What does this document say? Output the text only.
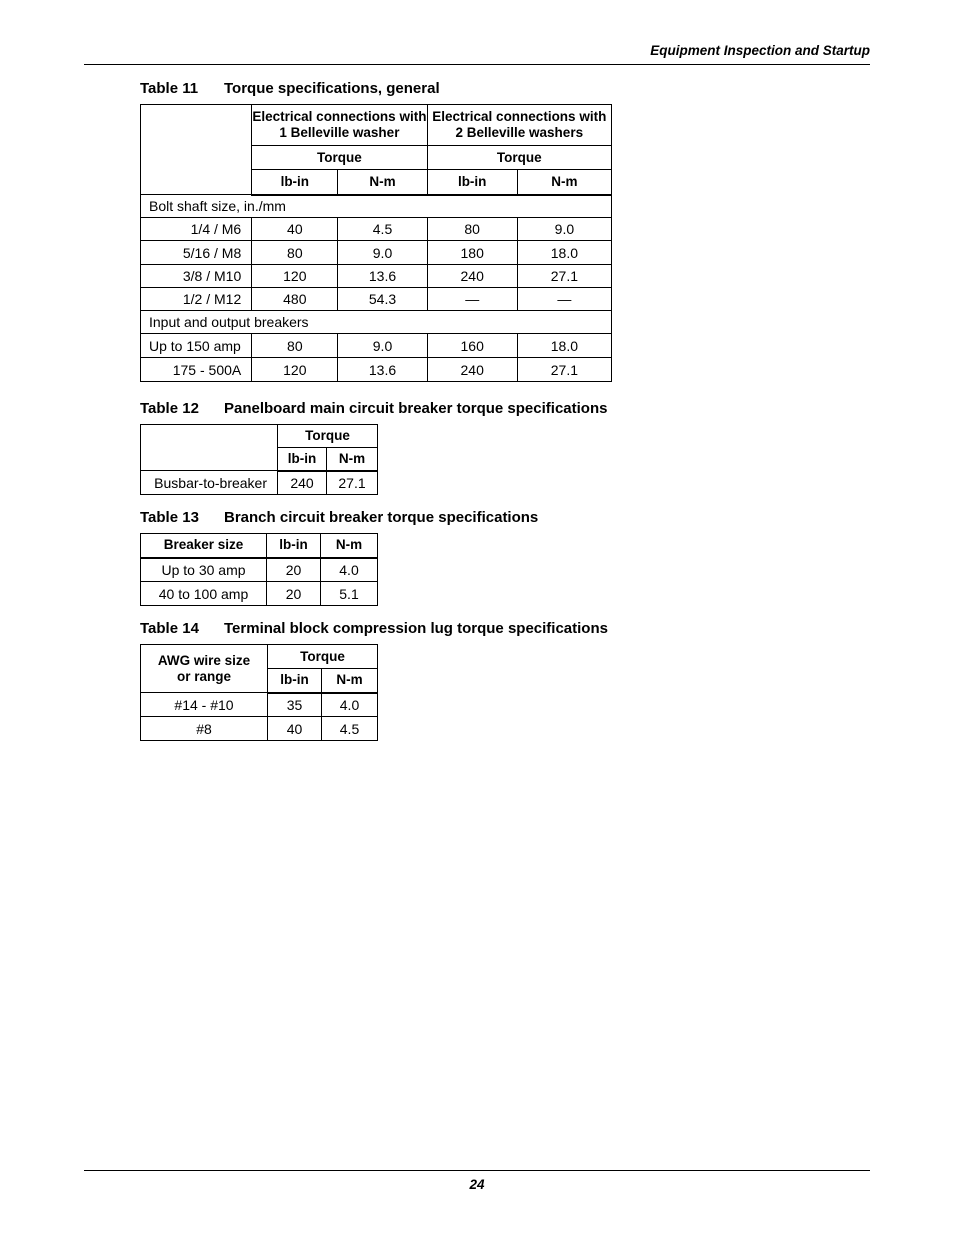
Equipment Inspection and Startup
Table 11 Torque specifications, general
	Electrical connections with 1 Belleville washer		Electrical connections with 2 Belleville washers	
	Torque		Torque	
	lb-in	N-m	lb-in	N-m
Bolt shaft size, in./mm				
1/4 / M6	40	4.5	80	9.0
5/16 / M8	80	9.0	180	18.0
3/8 / M10	120	13.6	240	27.1
1/2 / M12	480	54.3	—	—
Input and output breakers				
Up to 150 amp	80	9.0	160	18.0
175 - 500A	120	13.6	240	27.1
Table 12 Panelboard main circuit breaker torque specifications
	Torque	
	lb-in	N-m
Busbar-to-breaker	240	27.1
Table 13 Branch circuit breaker torque specifications
Breaker size	lb-in	N-m
Up to 30 amp	20	4.0
40 to 100 amp	20	5.1
Table 14 Terminal block compression lug torque specifications
AWG wire size or range	Torque	
	lb-in	N-m
#14 - #10	35	4.0
#8	40	4.5
24
